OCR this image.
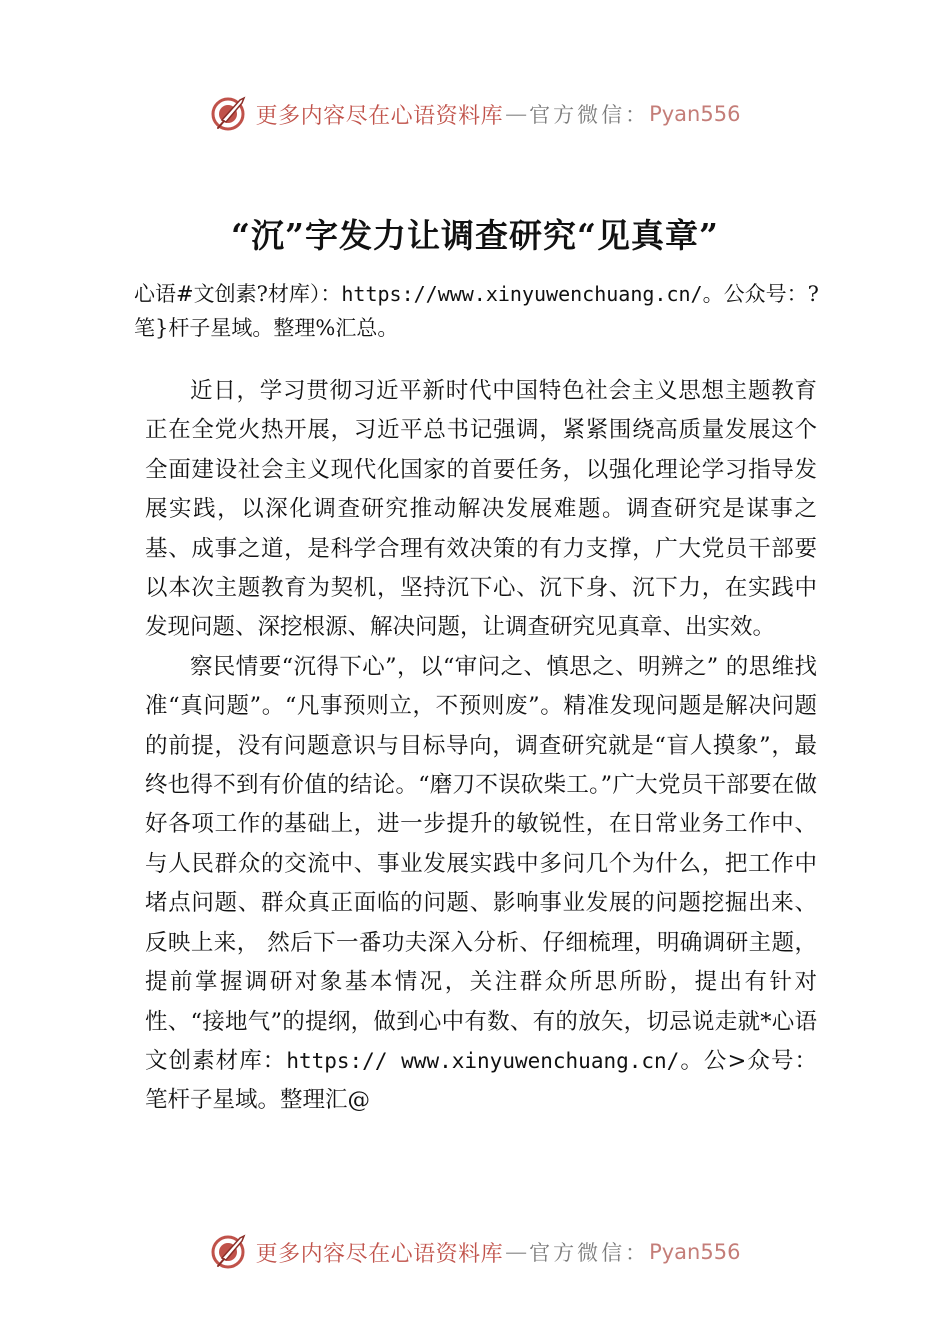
更多内容尽在心语资料库 — 官方微信： Pyan556
“沉”字发力让调查研究“见真章”
心语#文创素?材库）：https://www.xinyuwenchuang.cn/。公众号：?笔}杆子星域。整理%汇总。

近日，学习贯彻习近平新时代中国特色社会主义思想主题教育正在全党火热开展，习近平总书记强调，紧紧围绕高质量发展这个全面建设社会主义现代化国家的首要任务，以强化理论学习指导发展实践，以深化调查研究推动解决发展难题。调查研究是谋事之基、成事之道，是科学合理有效决策的有力支撑，广大党员干部要以本次主题教育为契机，坚持沉下心、沉下身、沉下力，在实践中发现问题、深挖根源、解决问题，让调查研究见真章、出实效。

察民情要“沉得下心”，以“审问之、慎思之、明辨之” 的思维找准“真问题”。“凡事预则立，不预则废”。精准发现问题是解决问题的前提，没有问题意识与目标导向，调查研究就是“盲人摸象”，最终也得不到有价值的结论。“磨刀不误砍柴工。”广大党员干部要在做好各项工作的基础上，进一步提升的敏锐性，在日常业务工作中、与人民群众的交流中、事业发展实践中多问几个为什么，把工作中堵点问题、群众真正面临的问题、影响事业发展的问题挖掘出来、反映上来， 然后下一番功夫深入分析、仔细梳理，明确调研主题，提前掌握调研对象基本情况，关注群众所思所盼，提出有针对性、“接地气”的提纲，做到心中有数、有的放矢，切忌说走就*心语文创素材库：https:// www.xinyuwenchuang.cn/。公>众号：笔杆子星域。整理汇@

更多内容尽在心语资料库 — 官方微信： Pyan556
